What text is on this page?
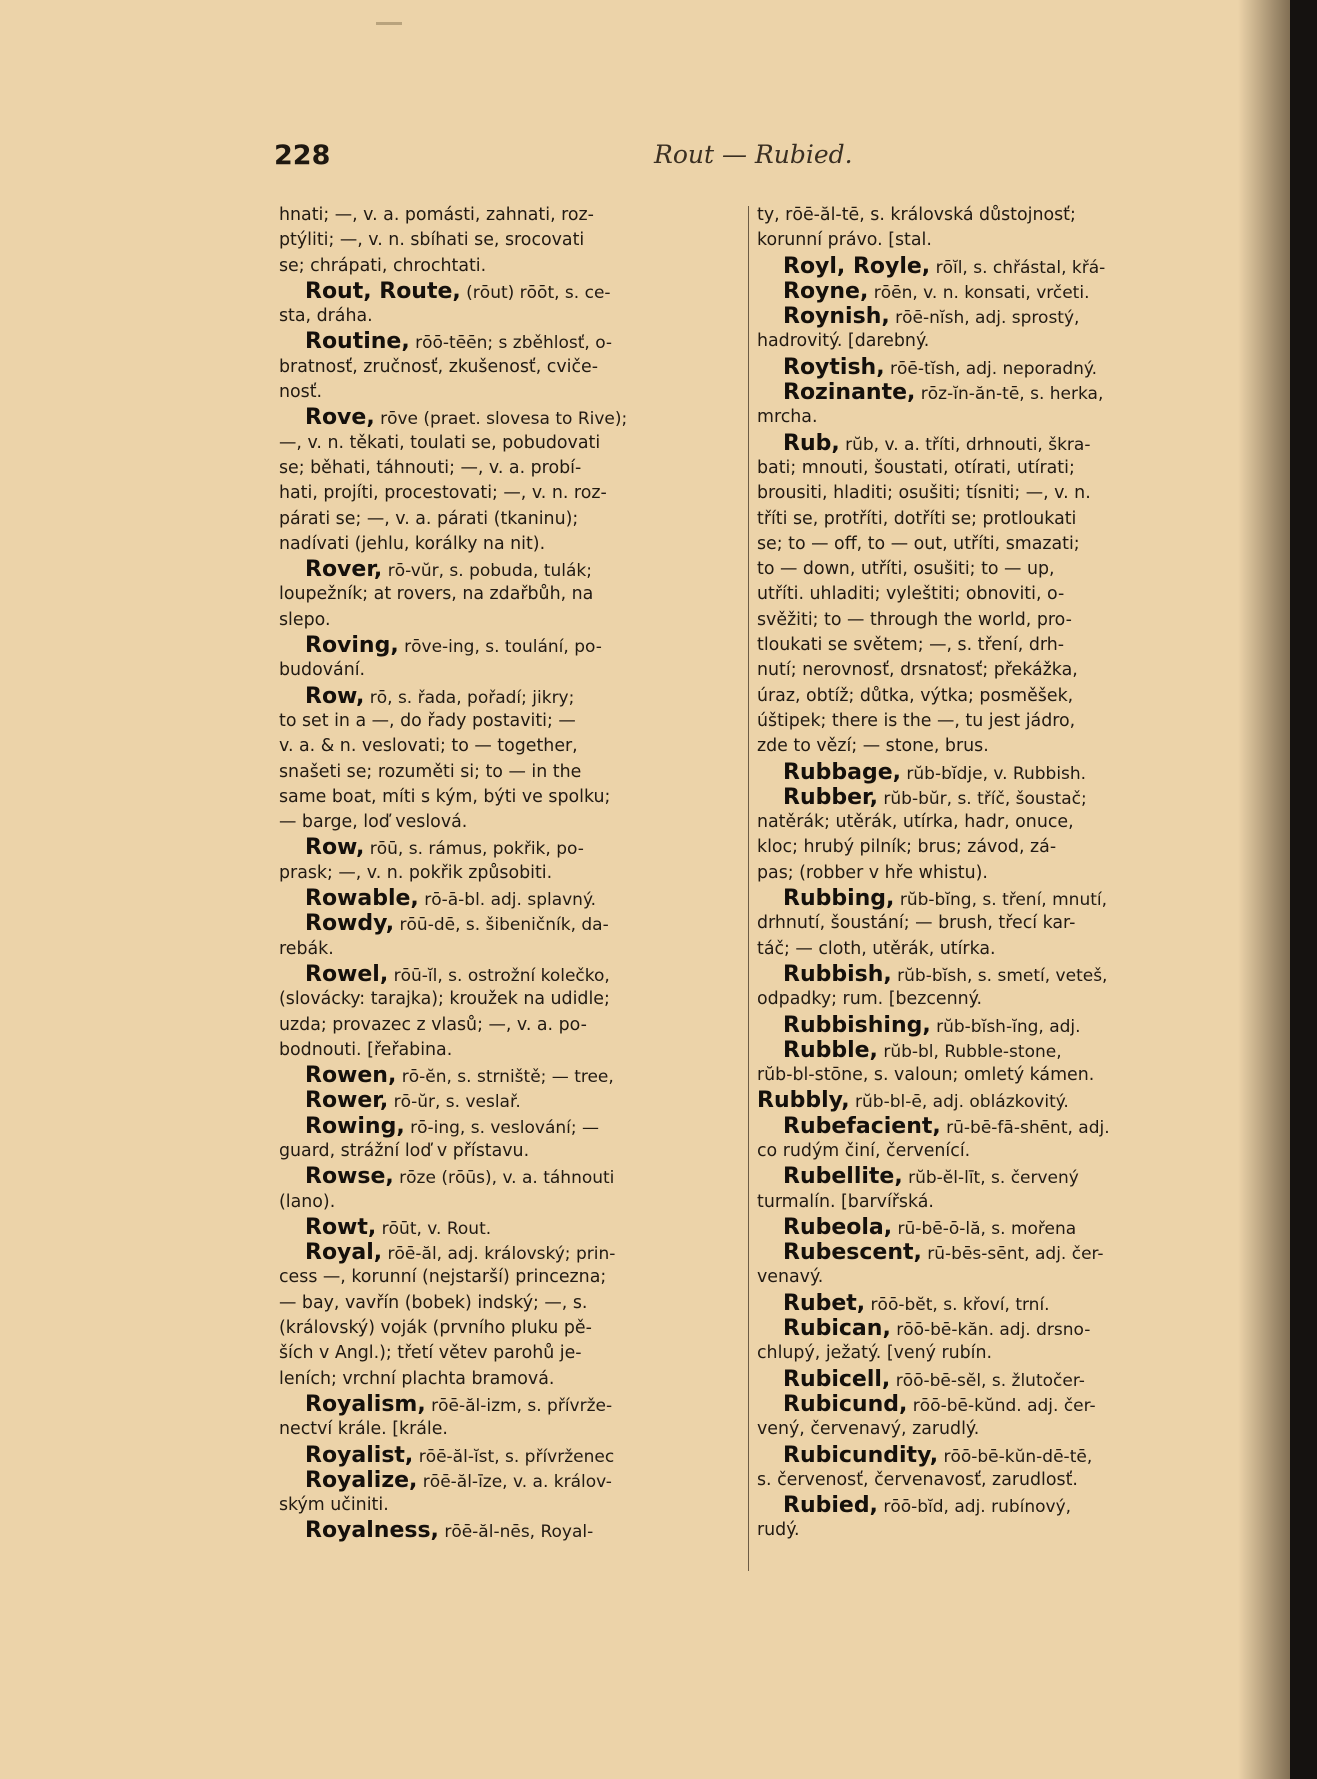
228	Rout — Rubied.
hnati; —, v. a. pomásti, zahnati, roz-
ptýliti; —, v. n. sbíhati se, srocovati
se; chrápati, chrochtati.
Rout, Route, (rōut) rōōt, s. ce-
sta, dráha.
Routine, rōō-tēēn; s zběhlosť, o-
bratnosť, zručnosť, zkušenosť, cviče-
nosť.
Rove, rōve (praet. slovesa to Rive);
—, v. n. těkati, toulati se, pobudovati
se; běhati, táhnouti; —, v. a. probí-
hati, projíti, procestovati; —, v. n. roz-
párati se; —, v. a. párati (tkaninu);
nadívati (jehlu, korálky na nit).
Rover, rō-vŭr, s. pobuda, tulák;
loupežník; at rovers, na zdařbůh, na
slepo.
Roving, rōve-ing, s. toulání, po-
budování.
Row, rō, s. řada, pořadí; jikry;
to set in a —, do řady postaviti; —
v. a. & n. veslovati; to — together,
snašeti se; rozuměti si; to — in the
same boat, míti s kým, býti ve spolku;
— barge, loď veslová.
Row, rōū, s. rámus, pokřik, po-
prask; —, v. n. pokřik způsobiti.
Rowable, rō-ā-bl. adj. splavný.
Rowdy, rōū-dē, s. šibeničník, da-
rebák.
Rowel, rōū-ĭl, s. ostrožní kolečko,
(slovácky: tarajka); kroužek na udidle;
uzda; provazec z vlasů; —, v. a. po-
bodnouti. [řeřabina.
Rowen, rō-ĕn, s. strniště; — tree,
Rower, rō-ŭr, s. veslař.
Rowing, rō-ing, s. veslování; —
guard, strážní loď v přístavu.
Rowse, rōze (rōūs), v. a. táhnouti
(lano).
Rowt, rōūt, v. Rout.
Royal, rōē-ăl, adj. královský; prin-
cess —, korunní (nejstarší) princezna;
— bay, vavřín (bobek) indský; —, s.
(královský) voják (prvního pluku pě-
ších v Angl.); třetí větev parohů je-
leních; vrchní plachta bramová.
Royalism, rōē-ăl-izm, s. přívrže-
nectví krále. [krále.
Royalist, rōē-ăl-ĭst, s. přívrženec
Royalize, rōē-ăl-īze, v. a. králov-
ským učiniti.
Royalness, rōē-ăl-nēs, Royal-
ty, rōē-ăl-tē, s. královská důstojnosť;
korunní právo. [stal.
Royl, Royle, rōĭl, s. chřástal, křá-
Royne, rōēn, v. n. konsati, vrčeti.
Roynish, rōē-nĭsh, adj. sprostý,
hadrovitý. [darebný.
Roytish, rōē-tĭsh, adj. neporadný.
Rozinante, rōz-ĭn-ăn-tē, s. herka,
mrcha.
Rub, rŭb, v. a. tříti, drhnouti, škra-
bati; mnouti, šoustati, otírati, utírati;
brousiti, hladiti; osušiti; tísniti; —, v. n.
tříti se, protříti, dotříti se; protloukati
se; to — off, to — out, utříti, smazati;
to — down, utříti, osušiti; to — up,
utříti. uhladiti; vyleštiti; obnoviti, o-
svěžiti; to — through the world, pro-
tloukati se světem; —, s. tření, drh-
nutí; nerovnosť, drsnatosť; překážka,
úraz, obtíž; důtka, výtka; posměšek,
úštipek; there is the —, tu jest jádro,
zde to vězí; — stone, brus.
Rubbage, rŭb-bĭdje, v. Rubbish.
Rubber, rŭb-bŭr, s. tříč, šoustač;
natěrák; utěrák, utírka, hadr, onuce,
kloc; hrubý pilník; brus; závod, zá-
pas; (robber v hře whistu).
Rubbing, rŭb-bĭng, s. tření, mnutí,
drhnutí, šoustání; — brush, třecí kar-
táč; — cloth, utěrák, utírka.
Rubbish, rŭb-bĭsh, s. smetí, veteš,
odpadky; rum. [bezcenný.
Rubbishing, rŭb-bĭsh-ĭng, adj.
Rubble, rŭb-bl, Rubble-stone,
rŭb-bl-stōne, s. valoun; omletý kámen.
Rubbly, rŭb-bl-ē, adj. oblázkovitý.
Rubefacient, rū-bē-fā-shēnt, adj.
co rudým činí, červenící.
Rubellite, rŭb-ĕl-līt, s. červený
turmalín. [barvířská.
Rubeola, rū-bē-ō-lă, s. mořena
Rubescent, rū-bēs-sēnt, adj. čer-
venavý.
Rubet, rōō-bĕt, s. křoví, trní.
Rubican, rōō-bē-kăn. adj. drsno-
chlupý, ježatý. [vený rubín.
Rubicell, rōō-bē-sĕl, s. žlutočer-
Rubicund, rōō-bē-kŭnd. adj. čer-
vený, červenavý, zarudlý.
Rubicundity, rōō-bē-kŭn-dē-tē,
s. červenosť, červenavosť, zarudlosť.
Rubied, rōō-bĭd, adj. rubínový,
rudý.
